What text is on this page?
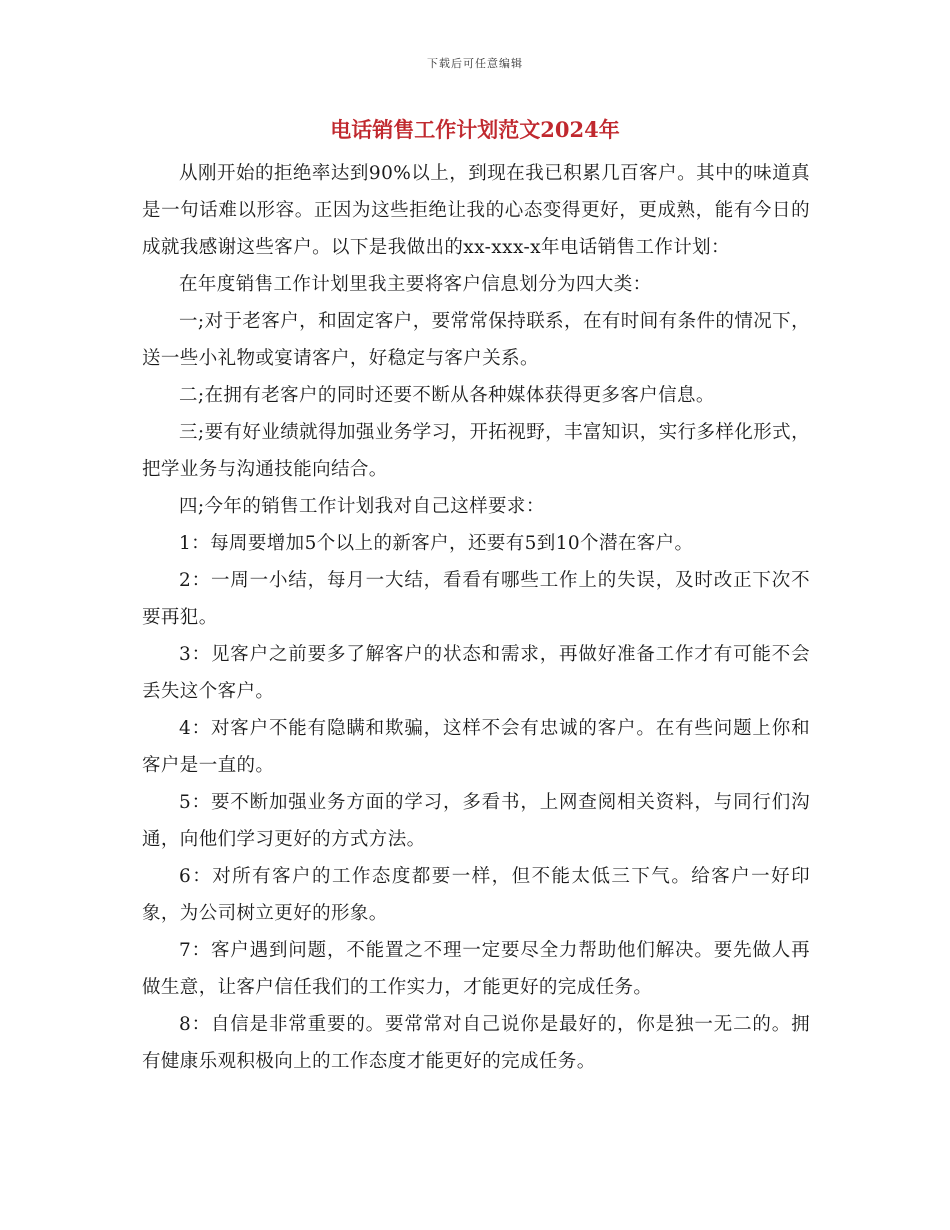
下载后可任意编辑
电话销售工作计划范文2024年

从刚开始的拒绝率达到90%以上，到现在我已积累几百客户。其中的味道真是一句话难以形容。正因为这些拒绝让我的心态变得更好，更成熟，能有今日的成就我感谢这些客户。以下是我做出的xx-xxx-x年电话销售工作计划：

在年度销售工作计划里我主要将客户信息划分为四大类：

一;对于老客户，和固定客户，要常常保持联系，在有时间有条件的情况下，送一些小礼物或宴请客户，好稳定与客户关系。

二;在拥有老客户的同时还要不断从各种媒体获得更多客户信息。

三;要有好业绩就得加强业务学习，开拓视野，丰富知识，实行多样化形式，把学业务与沟通技能向结合。

四;今年的销售工作计划我对自己这样要求：

1：每周要增加5个以上的新客户，还要有5到10个潜在客户。

2：一周一小结，每月一大结，看看有哪些工作上的失误，及时改正下次不要再犯。

3：见客户之前要多了解客户的状态和需求，再做好准备工作才有可能不会丢失这个客户。

4：对客户不能有隐瞒和欺骗，这样不会有忠诚的客户。在有些问题上你和客户是一直的。

5：要不断加强业务方面的学习，多看书，上网查阅相关资料，与同行们沟通，向他们学习更好的方式方法。

6：对所有客户的工作态度都要一样，但不能太低三下气。给客户一好印象，为公司树立更好的形象。

7：客户遇到问题，不能置之不理一定要尽全力帮助他们解决。要先做人再做生意，让客户信任我们的工作实力，才能更好的完成任务。

8：自信是非常重要的。要常常对自己说你是最好的，你是独一无二的。拥有健康乐观积极向上的工作态度才能更好的完成任务。
